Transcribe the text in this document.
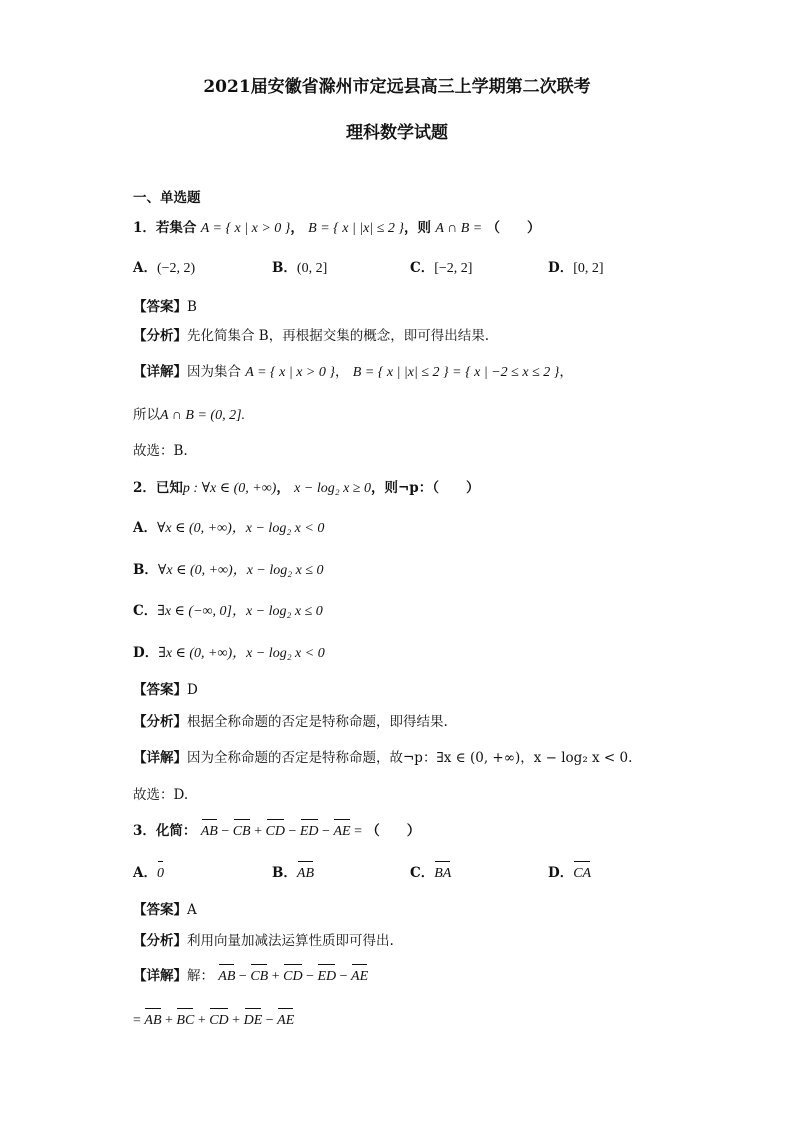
2021届安徽省滁州市定远县高三上学期第二次联考
理科数学试题
一、单选题
1．若集合 A = { x | x > 0 }， B = { x | |x| ≤ 2 }，则 A ∩ B = （　　）
A．(−2, 2)	B．(0, 2]	C．[−2, 2]	D．[0, 2]
【答案】B
【分析】先化简集合 B，再根据交集的概念，即可得出结果.
【详解】因为集合 A = { x | x > 0 }， B = { x | |x| ≤ 2 } = { x | −2 ≤ x ≤ 2 }，
所以A ∩ B = (0, 2].
故选：B.
2．已知p : ∀x ∈ (0, +∞)， x − log₂ x ≥ 0，则¬p：（　　）
A．∀x ∈ (0, +∞)，x − log₂ x < 0
B．∀x ∈ (0, +∞)，x − log₂ x ≤ 0
C．∃x ∈ (−∞, 0]，x − log₂ x ≤ 0
D．∃x ∈ (0, +∞)，x − log₂ x < 0
【答案】D
【分析】根据全称命题的否定是特称命题，即得结果.
【详解】因为全称命题的否定是特称命题，故¬p：∃x ∈ (0, +∞)，x − log₂ x < 0.
故选：D.
3．化简： AB − CB + CD − ED − AE = （　　）
A．0	B．AB	C．BA	D．CA
【答案】A
【分析】利用向量加减法运算性质即可得出.
【详解】解： AB − CB + CD − ED − AE
= AB + BC + CD + DE − AE
